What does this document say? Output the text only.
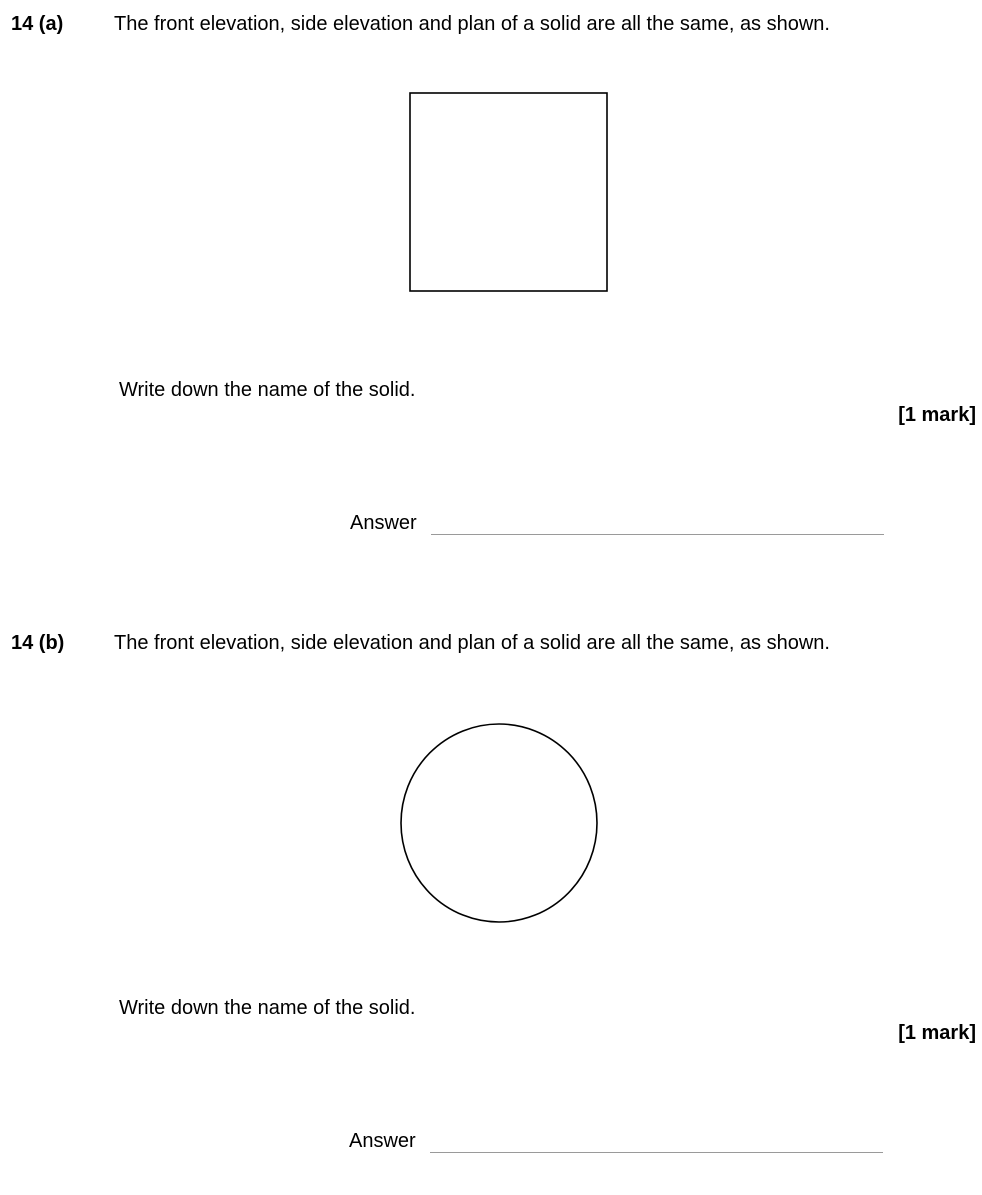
14 (a)	The front elevation, side elevation and plan of a solid are all the same, as shown.
Write down the name of the solid.
[1 mark]
Answer
14 (b) The front elevation, side elevation and plan of a solid are all the same, as shown.
Write down the name of the solid.
[1 mark]
Answer
